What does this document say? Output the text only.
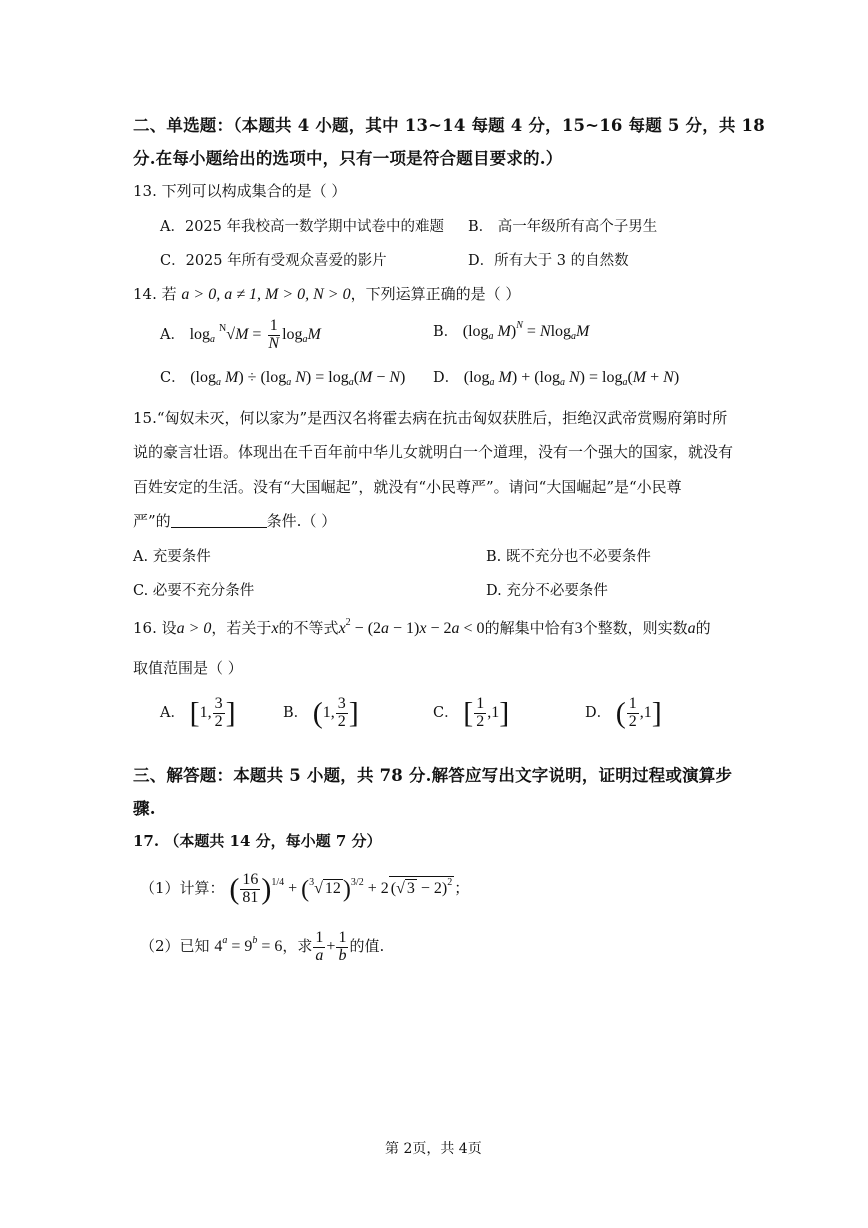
二、单选题：（本题共 4 小题，其中 13~14 每题 4 分，15~16 每题 5 分，共 18
分.在每小题给出的选项中，只有一项是符合题目要求的.）
13. 下列可以构成集合的是（ ）
A．2025 年我校高一数学期中试卷中的难题 B． 高一年级所有高个子男生
C．2025 年所有受观众喜爱的影片	D．所有大于 3 的自然数
14. 若 a > 0, a ≠ 1, M > 0, N > 0，下列运算正确的是（ ）
A． $\log_a ^N√M = \frac{1}{N} \log_aM$	B． ($\log_a$ M)$^N$ = Nlog$_a$M
C． ($\log_a$ $M) \div (\log_a$ $N) = \log_a(M - N)$ D． ($\log_a$ $M) + (\log_a$ $N) = \log_a(M + N)$
15.“匈奴未灭，何以家为”是西汉名将霍去病在抗击匈奴获胜后，拒绝汉武帝赏赐府第时所
说的豪言壮语。体现出在千百年前中华儿女就明白一个道理，没有一个强大的国家，就没有
百姓安定的生活。没有“大国崛起”，就没有“小民尊严”。请问“大国崛起”是“小民尊
严”的	条件.（ ）
A. 充要条件	B. 既不充分也不必要条件
C. 必要不充分条件	D. 充分不必要条件
16. 设a > 0，若关于x的不等式$x^2 - (2a - 1)x - 2a < 0$的解集中恰有3个整数，则实数a的
取值范围是（ ）
A． [1, $\frac{3}{2}$ ]	B． (1, $\frac{3}{2}$ ]	C． [ $\frac{1}{2} ,1$]	D． ( $\frac{1}{2} ,1$]
三、解答题：本题共 5 小题，共 78 分.解答应写出文字说明，证明过程或演算步
骤.
17. （本题共 14 分，每小题 7 分）
（1）计算： ( $\frac{16}{81} )^{1/4} + (^3√$ 12)$^{3/2}$ + 2 (√ 3 − 2)$^2$ ；
（2）已知 $4^a = 9^b = 6$，求 $\frac{1}{a} + \frac{1}{b}$ 的值.
第 2页，共 4页
